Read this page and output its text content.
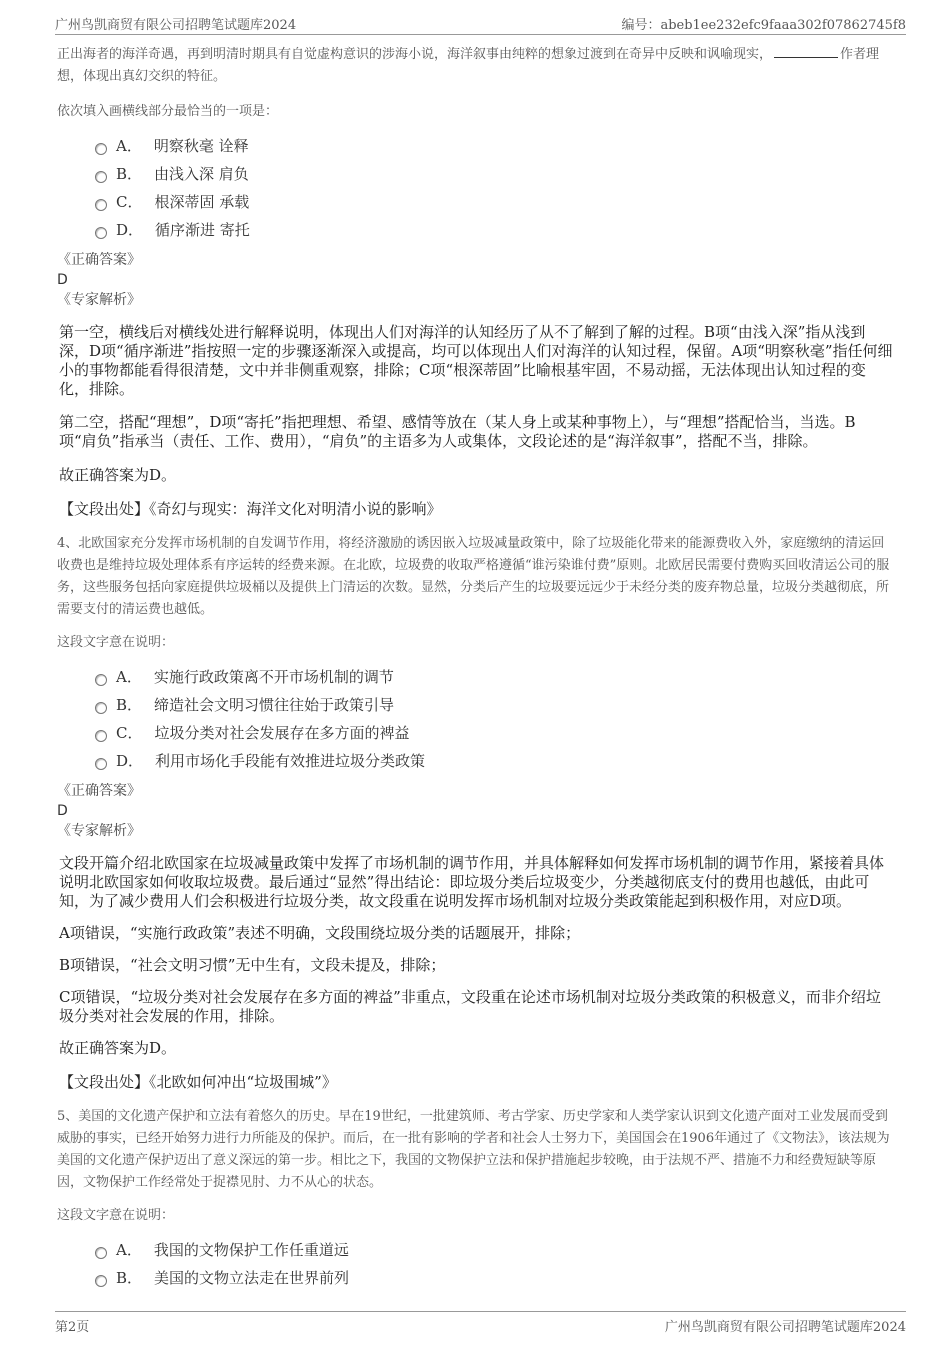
广州鸟凯商贸有限公司招聘笔试题库2024	编号：abeb1ee232efc9faaa302f07862745f8

正出海者的海洋奇遇，再到明清时期具有自觉虚构意识的涉海小说，海洋叙事由纯粹的想象过渡到在奇异中反映和讽喻现实，	作者理想，体现出真幻交织的特征。

依次填入画横线部分最恰当的一项是：

A． 明察秋毫 诠释
B． 由浅入深 肩负
C． 根深蒂固 承载
D． 循序渐进 寄托

《正确答案》

D

《专家解析》

第一空，横线后对横线处进行解释说明，体现出人们对海洋的认知经历了从不了解到了解的过程。B项“由浅入深”指从浅到深，D项“循序渐进”指按照一定的步骤逐渐深入或提高，均可以体现出人们对海洋的认知过程，保留。A项“明察秋毫”指任何细小的事物都能看得很清楚，文中并非侧重观察，排除；C项“根深蒂固”比喻根基牢固，不易动摇，无法体现出认知过程的变化，排除。

第二空，搭配“理想”，D项“寄托”指把理想、希望、感情等放在（某人身上或某种事物上），与“理想”搭配恰当，当选。B项“肩负”指承当（责任、工作、费用），“肩负”的主语多为人或集体，文段论述的是“海洋叙事”，搭配不当，排除。

故正确答案为D。

【文段出处】《奇幻与现实：海洋文化对明清小说的影响》

4、北欧国家充分发挥市场机制的自发调节作用，将经济激励的诱因嵌入垃圾减量政策中，除了垃圾能化带来的能源费收入外，家庭缴纳的清运回收费也是维持垃圾处理体系有序运转的经费来源。在北欧，垃圾费的收取严格遵循“谁污染谁付费”原则。北欧居民需要付费购买回收清运公司的服务，这些服务包括向家庭提供垃圾桶以及提供上门清运的次数。显然，分类后产生的垃圾要远远少于未经分类的废弃物总量，垃圾分类越彻底，所需要支付的清运费也越低。

这段文字意在说明：

A． 实施行政政策离不开市场机制的调节
B． 缔造社会文明习惯往往始于政策引导
C． 垃圾分类对社会发展存在多方面的裨益
D． 利用市场化手段能有效推进垃圾分类政策

《正确答案》

D

《专家解析》

文段开篇介绍北欧国家在垃圾减量政策中发挥了市场机制的调节作用，并具体解释如何发挥市场机制的调节作用，紧接着具体说明北欧国家如何收取垃圾费。最后通过“显然”得出结论：即垃圾分类后垃圾变少，分类越彻底支付的费用也越低，由此可知，为了减少费用人们会积极进行垃圾分类，故文段重在说明发挥市场机制对垃圾分类政策能起到积极作用，对应D项。

A项错误，“实施行政政策”表述不明确，文段围绕垃圾分类的话题展开，排除；

B项错误，“社会文明习惯”无中生有，文段未提及，排除；

C项错误，“垃圾分类对社会发展存在多方面的裨益”非重点，文段重在论述市场机制对垃圾分类政策的积极意义，而非介绍垃圾分类对社会发展的作用，排除。

故正确答案为D。

【文段出处】《北欧如何冲出“垃圾围城”》

5、美国的文化遗产保护和立法有着悠久的历史。早在19世纪，一批建筑师、考古学家、历史学家和人类学家认识到文化遗产面对工业发展而受到威胁的事实，已经开始努力进行力所能及的保护。而后，在一批有影响的学者和社会人士努力下，美国国会在1906年通过了《文物法》，该法规为美国的文化遗产保护迈出了意义深远的第一步。相比之下，我国的文物保护立法和保护措施起步较晚，由于法规不严、措施不力和经费短缺等原因，文物保护工作经常处于捉襟见肘、力不从心的状态。

这段文字意在说明：

A． 我国的文物保护工作任重道远
B． 美国的文物立法走在世界前列
第2页	广州鸟凯商贸有限公司招聘笔试题库2024
